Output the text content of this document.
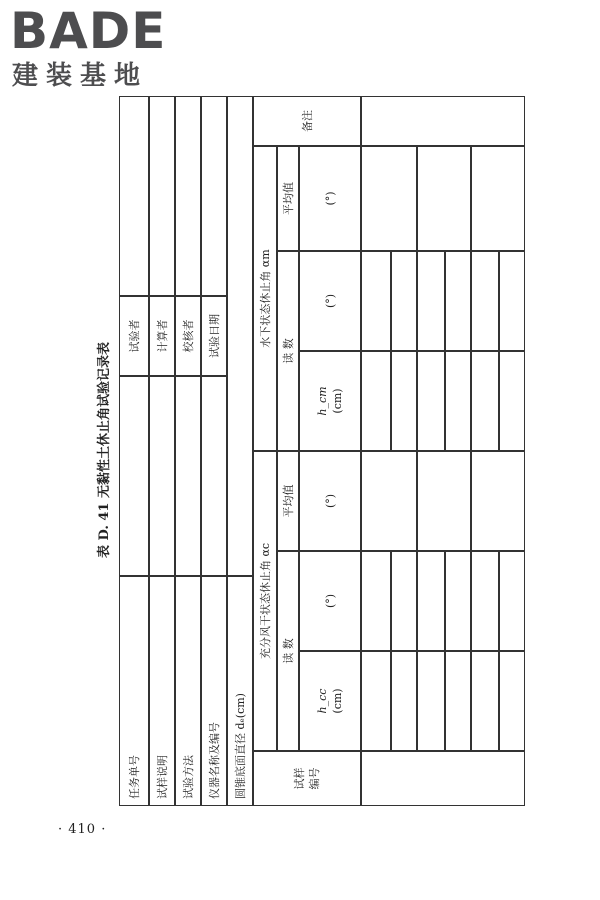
BADE
建装基地
表 D. 41 无黏性土休止角试验记录表
任务单号
试验者
试样说明
计算者
试验方法
校核者
仪器名称及编号
试验日期
圆锥底面直径 dₑ(cm)	试样
编号
充分风干状态休止角 αc
水下状态休止角 αm
备注
读 数
平均值
读 数
平均值
h_cc (cm)
(°)
(°)
h_cm (cm)
(°)
(°)
· 410 ·
